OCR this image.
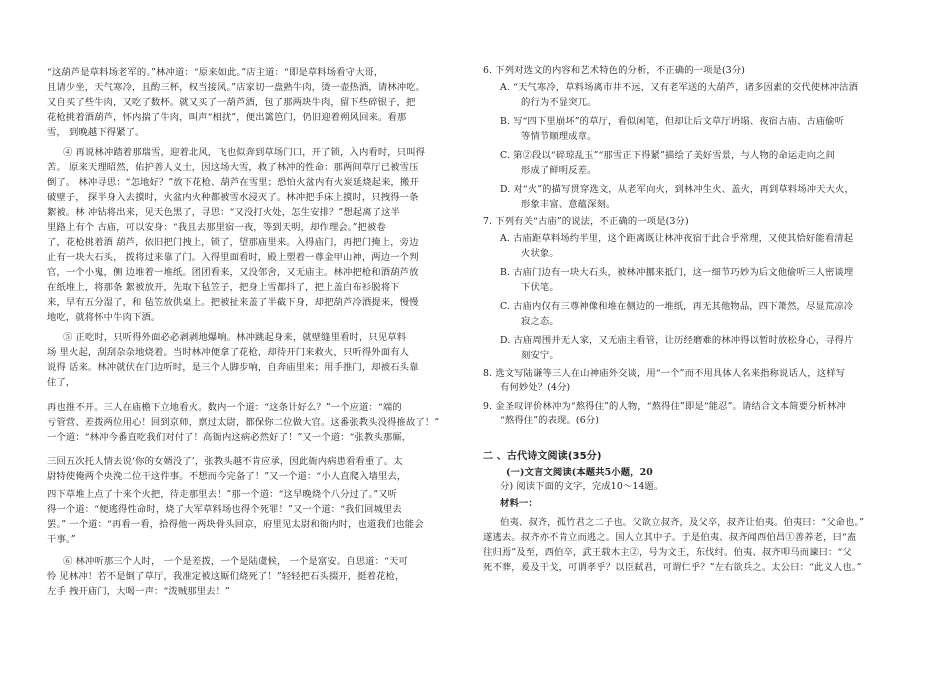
“这葫芦是草料场老军的。”林冲道：“原来如此。”店主道：“即是草料场看守大哥，
且请少坐，天气寒冷，且酌三杯，权当接风。”店家切一盘熟牛肉，烫一壶热酒，请林冲吃。
又自买了些牛肉，又吃了数杯。就又买了一葫芦酒，包了那两块牛肉，留下些碎银子，把
花枪挑着酒葫芦，怀内揣了牛肉，叫声“相扰”，便出篱笆门，仍旧迎着朔风回来。看那
雪， 到晚越下得紧了。
④ 再说林冲踏着那瑞雪，迎着北风，飞也似奔到草场门口，开了锁，入内看时，只叫得
苦。 原来天理昭然，佑护善人义士，因这场大雪，救了林冲的性命：那两间草厅已被雪压
倒了。 林冲寻思：“怎地好？”放下花枪、葫芦在雪里；恐怕火盆内有火炭延烧起来，搬开
破壁子， 探半身入去摸时，火盆内火种都被雪水浸灭了。林冲把手床上摸时，只拽得一条
絮被。林 冲钻将出来，见天色黑了，寻思：“又没打火处，怎生安排？”想起离了这半
里路上有个 古庙，可以安身：“我且去那里宿一夜，等到天明，却作理会。”把被卷
了，花枪挑着酒 葫芦，依旧把门拽上，锁了，望那庙里来。入得庙门，再把门掩上，旁边
止有一块大石头， 拨将过来靠了门。入得里面看时，殿上塑着一尊金甲山神，两边一个判
官，一个小鬼，侧 边堆着一堆纸。团团看来，又没邻舍，又无庙主。林冲把枪和酒葫芦放
在纸堆上，将那条 絮被放开，先取下毡笠子，把身上雪都抖了，把上盖白布衫脱将下
来，早有五分湿了，和 毡笠放供桌上。把被扯来盖了半截下身，却把葫芦冷酒提来，慢慢
地吃，就将怀中牛肉下酒。
⑤ 正吃时，只听得外面必必剥剥地爆响。林冲跳起身来，就壁缝里看时，只见草料
场 里火起，刮刮杂杂地烧着。当时林冲便拿了花枪，却待开门来救火，只听得外面有人
说得 话来。林冲就伏在门边听时，是三个人脚步响，自奔庙里来；用手推门，却被石头靠
住了，
再也推不开。三人在庙檐下立地看火。数内一个道：“这条计好么？”一个应道：“端的
亏管营、差拨两位用心！回到京师，禀过太尉，都保你二位做大官。这番张教头没得推故了！”
一个道：“林冲今番直吃我们对付了！高衙内这病必然好了！”又一个道：“张教头那厮，
三回五次托人情去说‘你的女婿没了’，张教头越不肯应承，因此衙内病患看看重了。太
尉特使俺两个央浼二位干这件事。不想而今完备了！”又一个道：“小人直爬入墙里去，
四下草堆上点了十来个火把，待走那里去！”那一个道：“这早晚烧个八分过了。”又听
得一个道：“便逃得性命时，烧了大军草料场也得个死罪！”又一个道：“我们回城里去
罢。” 一个道：“再看一看，拾得他一两块骨头回京，府里见太尉和衙内时，也道我们也能会
干事。”
⑥ 林冲听那三个人时， 一个是差拨，一个是陆虞候， 一个是富安。自思道：“天可
怜 见林冲！若不是倒了草厅，我准定被这厮们烧死了！”轻轻把石头掇开，挺着花枪，
左手 拽开庙门，大喝一声：“泼贼那里去！”
6. 下列对选文的内容和艺术特色的分析，不正确的一项是(3分)
A. “天气寒冷，草料场离市井不远，又有老军送的大葫芦，诸多因素的交代使林冲沽酒
的行为不显突兀。
B. 写“四下里崩坏”的草厅，看似闲笔，但却让后文草厅坍塌、夜宿古庙、古庙偷听
等情节顺理成章。
C. 第②段以“碎琼乱玉”“那雪正下得紧”描绘了美好雪景，与人物的命运走向之间
形成了鲜明反差。
D. 对“火”的描写贯穿选文，从老军向火，到林冲生火、盖火，再到草料场冲天大火，
形象丰富、意蕴深刻。
7. 下列有关“古庙”的说法，不正确的一项是(3分)
A. 古庙距草料场约半里，这个距离既让林冲夜宿于此合乎常理，又使其恰好能看清起
火状象。
B. 古庙门边有一块大石头，被林冲挪来抵门，这一细节巧妙为后文他偷听三人密谈埋
下伏笔。
C. 古庙内仅有三尊神像和堆在侧边的一堆纸，再无其他物品，四下萧然，尽显荒凉冷
寂之态。
D. 古庙周围并无人家，又无庙主看管，让历经磨难的林冲得以暂时放松身心，寻得片
刻安宁。
8. 选文写陆谦等三人在山神庙外交谈，用“一个”而不用具体人名来指称说话人，这样写
有何妙处？(4分)
9. 金圣叹评价林冲为“熬得住”的人物，“熬得住”即是“能忍”。请结合文本简要分析林冲
“熬得住”的表现。(6分)
二 、古代诗文阅读(35分)
(一)文言文阅读(本题共5小题，20
分) 阅读下面的文字，完成10～14题。
材料一：
伯夷、叔齐，孤竹君之二子也。父欲立叔齐，及父卒，叔齐让伯夷。伯夷曰：“父命也。”
遂逃去。叔齐亦不肯立而逃之。国人立其中子。于是伯夷、叔齐闻西伯昌①善养老，曰“盍
往归焉”及至，西伯卒，武王载木主②，号为文王，东伐纣。伯夷、叔齐叩马而谏曰：“父
死不葬，爰及干戈，可谓孝乎？以臣弑君，可谓仁乎？”左右欲兵之。太公曰：“此义人也。”
